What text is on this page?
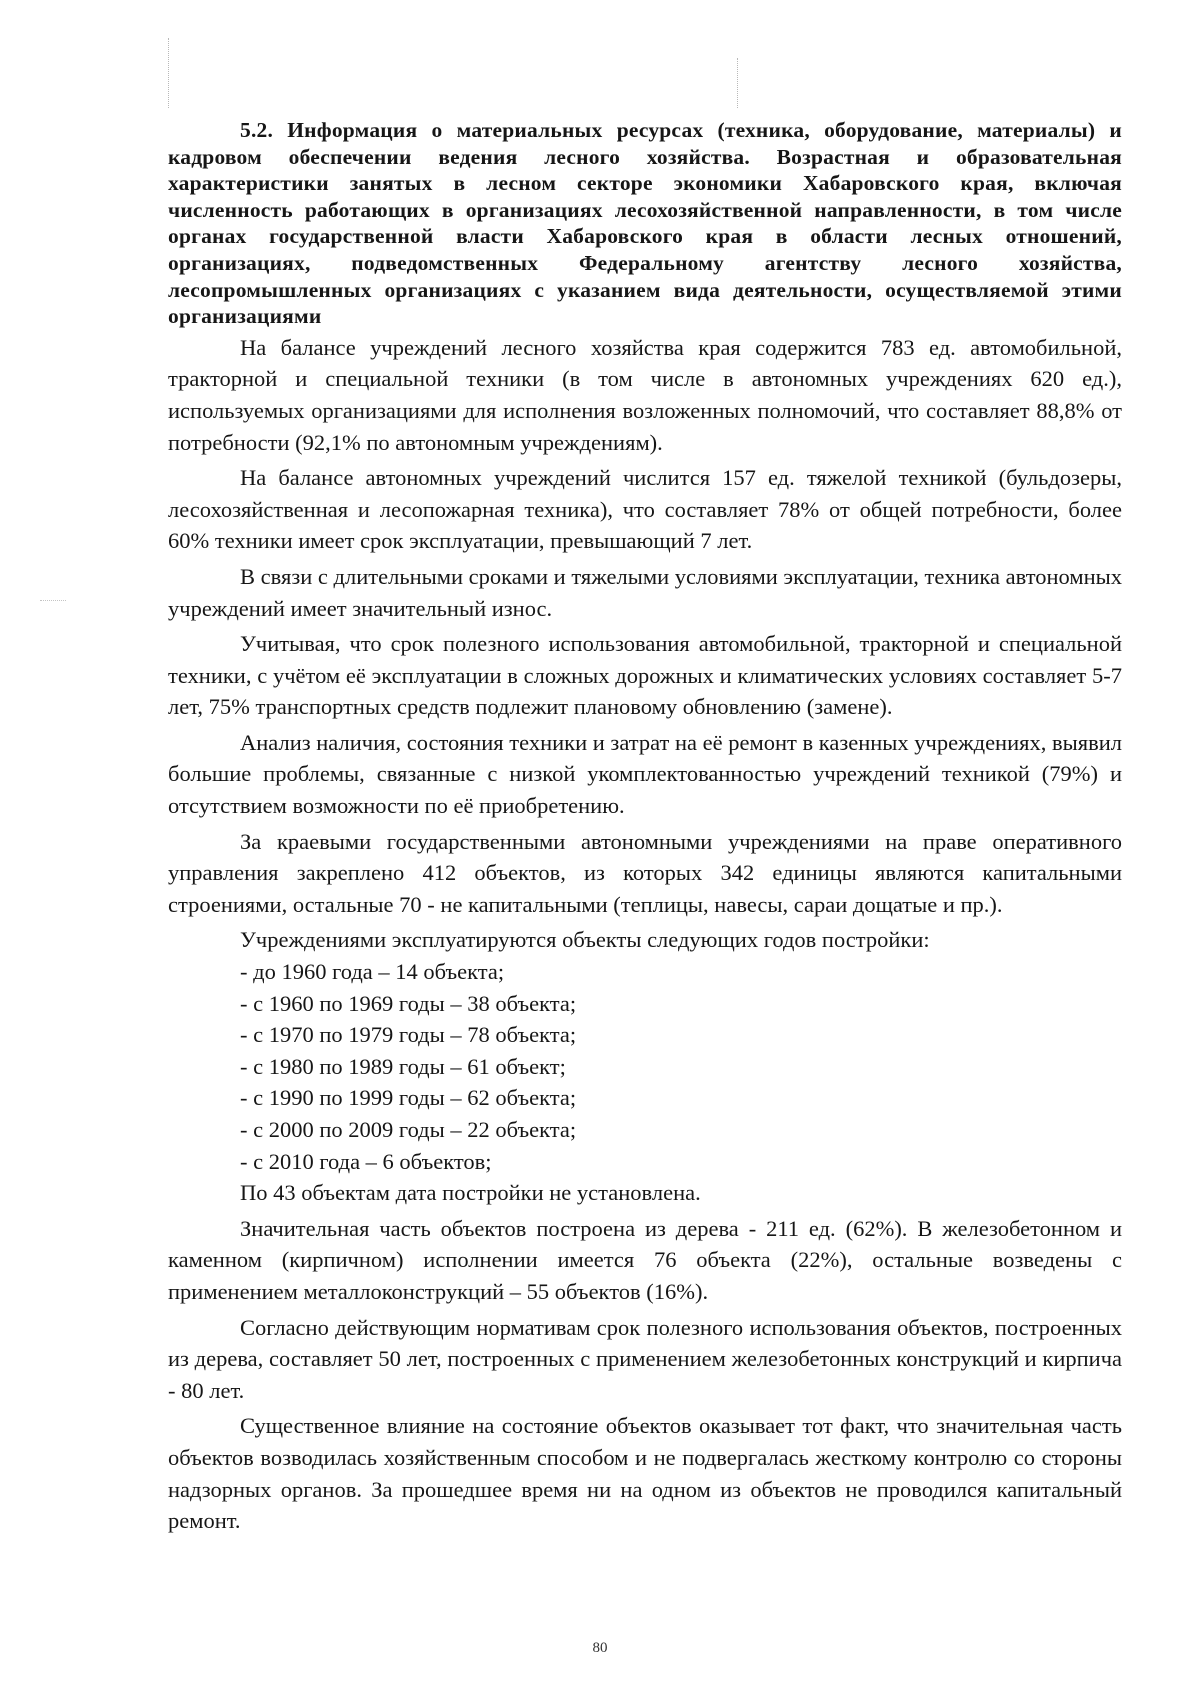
5.2. Информация о материальных ресурсах (техника, оборудование, материалы) и кадровом обеспечении ведения лесного хозяйства. Возрастная и образовательная характеристики занятых в лесном секторе экономики Хабаровского края, включая численность работающих в организациях лесохозяйственной направленности, в том числе органах государственной власти Хабаровского края в области лесных отношений, организациях, подведомственных Федеральному агентству лесного хозяйства, лесопромышленных организациях с указанием вида деятельности, осуществляемой этими организациями

На балансе учреждений лесного хозяйства края содержится 783 ед. автомобильной, тракторной и специальной техники (в том числе в автономных учреждениях 620 ед.), используемых организациями для исполнения возложенных полномочий, что составляет 88,8% от потребности (92,1% по автономным учреждениям).

На балансе автономных учреждений числится 157 ед. тяжелой техникой (бульдозеры, лесохозяйственная и лесопожарная техника), что составляет 78% от общей потребности, более 60% техники имеет срок эксплуатации, превышающий 7 лет.

В связи с длительными сроками и тяжелыми условиями эксплуатации, техника автономных учреждений имеет значительный износ.

Учитывая, что срок полезного использования автомобильной, тракторной и специальной техники, с учётом её эксплуатации в сложных дорожных и климатических условиях составляет 5-7 лет, 75% транспортных средств подлежит плановому обновлению (замене).

Анализ наличия, состояния техники и затрат на её ремонт в казенных учреждениях, выявил большие проблемы, связанные с низкой укомплектованностью учреждений техникой (79%) и отсутствием возможности по её приобретению.

За краевыми государственными автономными учреждениями на праве оперативного управления закреплено 412 объектов, из которых 342 единицы являются капитальными строениями, остальные 70 - не капитальными (теплицы, навесы, сараи дощатые и пр.).

Учреждениями эксплуатируются объекты следующих годов постройки:

- до 1960 года – 14 объекта;
- с 1960 по 1969 годы – 38 объекта;
- с 1970 по 1979 годы – 78 объекта;
- с 1980 по 1989 годы – 61 объект;
- с 1990 по 1999 годы – 62 объекта;
- с 2000 по 2009 годы – 22 объекта;
- с 2010 года – 6 объектов;

По 43 объектам дата постройки не установлена.

Значительная часть объектов построена из дерева - 211 ед. (62%). В железобетонном и каменном (кирпичном) исполнении имеется 76 объекта (22%), остальные возведены с применением металлоконструкций – 55 объектов (16%).

Согласно действующим нормативам срок полезного использования объектов, построенных из дерева, составляет 50 лет, построенных с применением железобетонных конструкций и кирпича - 80 лет.

Существенное влияние на состояние объектов оказывает тот факт, что значительная часть объектов возводилась хозяйственным способом и не подвергалась жесткому контролю со стороны надзорных органов. За прошедшее время ни на одном из объектов не проводился капитальный ремонт.

80
